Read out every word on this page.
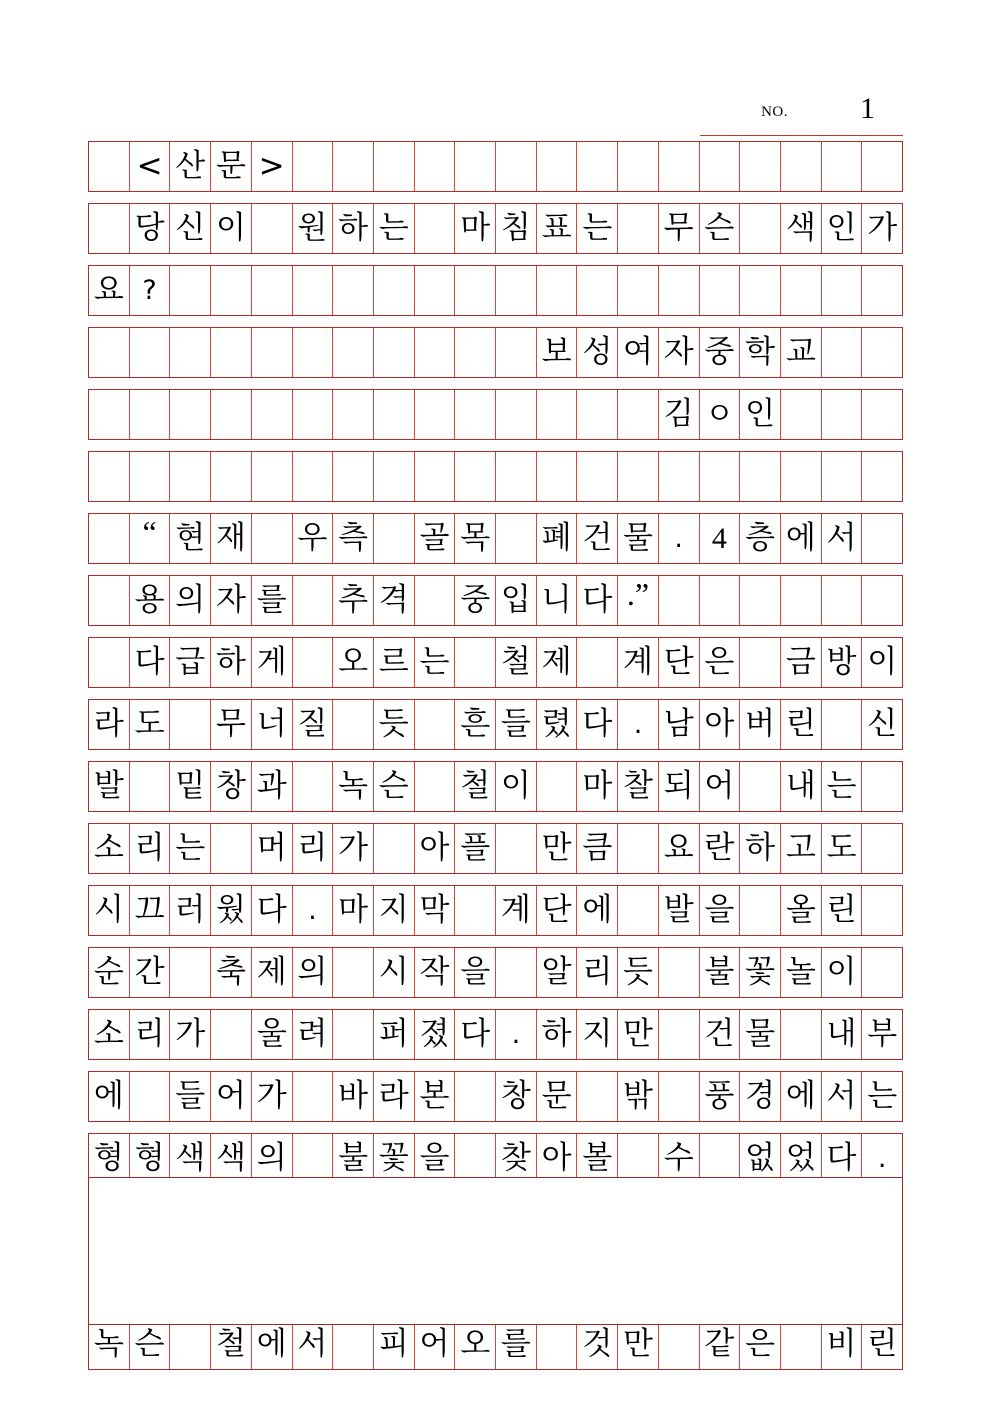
NO. 1
< 산 문 >
당 신 이 원 하 는 마 침 표 는 무 슨 색 인 가
요 ?
보 성 여 자 중 학 교
김 ㅇ 인
“ 현 재 우 측 골 목 폐 건 물 . 4 층 에 서
용 의 자 를 추 격 중 입 니 다 .”
다 급 하 게 오 르 는 철 제 계 단 은 금 방 이
라 도 무 너 질 듯 흔 들 렸 다 . 남 아 버 린 신
발 밑 창 과 녹 슨 철 이 마 찰 되 어 내 는
소 리 는 머 리 가 아 플 만 큼 요 란 하 고 도
시 끄 러 웠 다 . 마 지 막 계 단 에 발 을 올 린
순 간 축 제 의 시 작 을 알 리 듯 불 꽃 놀 이
소 리 가 울 려 퍼 졌 다 . 하 지 만 건 물 내 부
에 들 어 가 바 라 본 창 문 밖 풍 경 에 서 는
형 형 색 색 의 불 꽃 을 찾 아 볼 수 없 었 다 .
녹 슨 철 에 서 피 어 오 를 것 만 같 은 비 린
